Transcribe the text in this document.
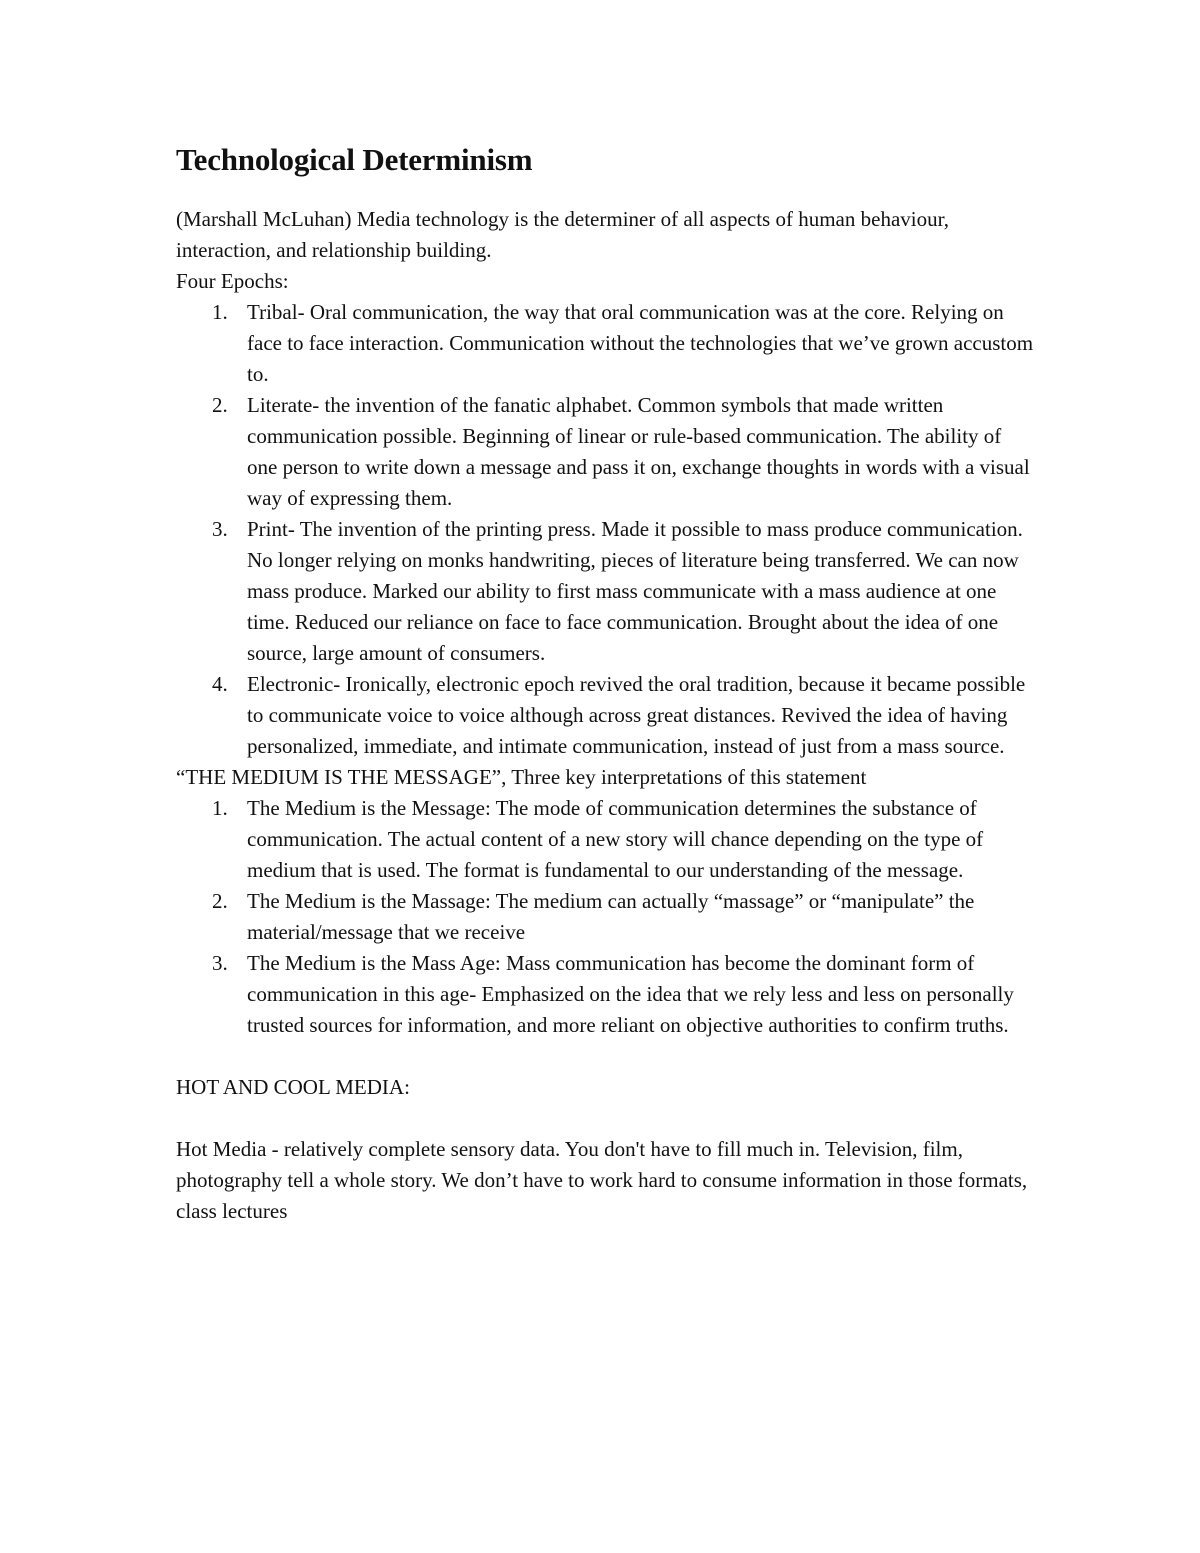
Technological Determinism

(Marshall McLuhan) Media technology is the determiner of all aspects of human behaviour, interaction, and relationship building.

Four Epochs:

1. Tribal- Oral communication, the way that oral communication was at the core. Relying on face to face interaction. Communication without the technologies that we’ve grown accustom to.
2. Literate- the invention of the fanatic alphabet. Common symbols that made written communication possible. Beginning of linear or rule-based communication. The ability of one person to write down a message and pass it on, exchange thoughts in words with a visual way of expressing them.
3. Print- The invention of the printing press. Made it possible to mass produce communication. No longer relying on monks handwriting, pieces of literature being transferred. We can now mass produce. Marked our ability to first mass communicate with a mass audience at one time. Reduced our reliance on face to face communication. Brought about the idea of one source, large amount of consumers.
4. Electronic- Ironically, electronic epoch revived the oral tradition, because it became possible to communicate voice to voice although across great distances. Revived the idea of having personalized, immediate, and intimate communication, instead of just from a mass source.

“THE MEDIUM IS THE MESSAGE”, Three key interpretations of this statement

1. The Medium is the Message: The mode of communication determines the substance of communication. The actual content of a new story will chance depending on the type of medium that is used. The format is fundamental to our understanding of the message.
2. The Medium is the Massage: The medium can actually “massage” or “manipulate” the material/message that we receive
3. The Medium is the Mass Age: Mass communication has become the dominant form of communication in this age- Emphasized on the idea that we rely less and less on personally trusted sources for information, and more reliant on objective authorities to confirm truths.

HOT AND COOL MEDIA:

Hot Media - relatively complete sensory data. You don't have to fill much in. Television, film, photography tell a whole story. We don’t have to work hard to consume information in those formats, class lectures
